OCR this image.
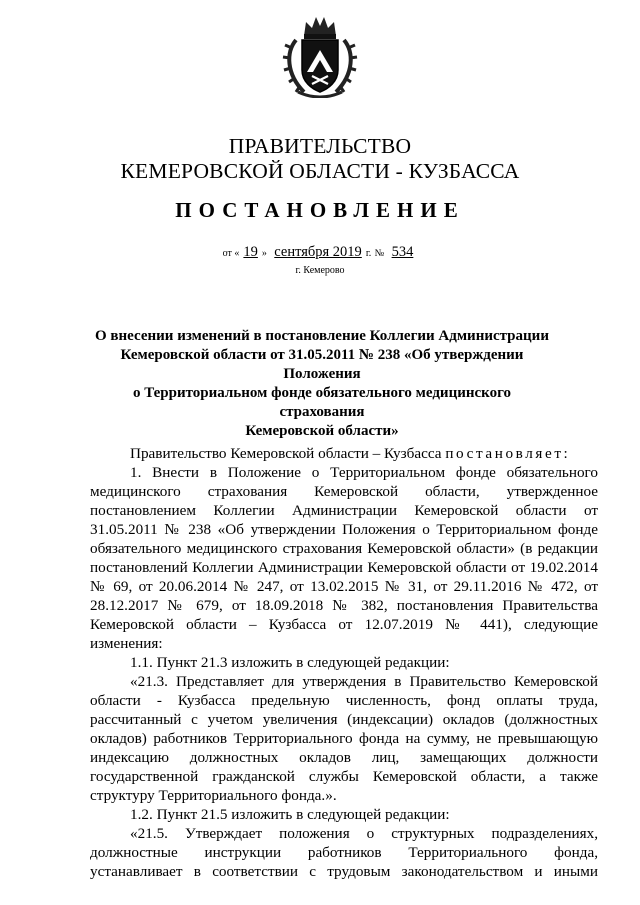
ПРАВИТЕЛЬСТВО
КЕМЕРОВСКОЙ ОБЛАСТИ - КУЗБАССА
ПОСТАНОВЛЕНИЕ
от « 19 » сентября 2019 г. № 534
г. Кемерово
О внесении изменений в постановление Коллегии Администрации
Кемеровской области от 31.05.2011 № 238 «Об утверждении Положения
о Территориальном фонде обязательного медицинского страхования
Кемеровской области»

Правительство Кемеровской области – Кузбасса постановляет:

1. Внести в Положение о Территориальном фонде обязательного медицинского страхования Кемеровской области, утвержденное постановлением Коллегии Администрации Кемеровской области от 31.05.2011 № 238 «Об утверждении Положения о Территориальном фонде обязательного медицинского страхования Кемеровской области» (в редакции постановлений Коллегии Администрации Кемеровской области от 19.02.2014 № 69, от 20.06.2014 № 247, от 13.02.2015 № 31, от 29.11.2016 № 472, от 28.12.2017 № 679, от 18.09.2018 № 382, постановления Правительства Кемеровской области – Кузбасса от 12.07.2019 № 441), следующие изменения:

1.1. Пункт 21.3 изложить в следующей редакции:

«21.3. Представляет для утверждения в Правительство Кемеровской области - Кузбасса предельную численность, фонд оплаты труда, рассчитанный с учетом увеличения (индексации) окладов (должностных окладов) работников Территориального фонда на сумму, не превышающую индексацию должностных окладов лиц, замещающих должности государственной гражданской службы Кемеровской области, а также структуру Территориального фонда.».

1.2. Пункт 21.5 изложить в следующей редакции:

«21.5. Утверждает положения о структурных подразделениях, должностные инструкции работников Территориального фонда, устанавливает в соответствии с трудовым законодательством и иными
